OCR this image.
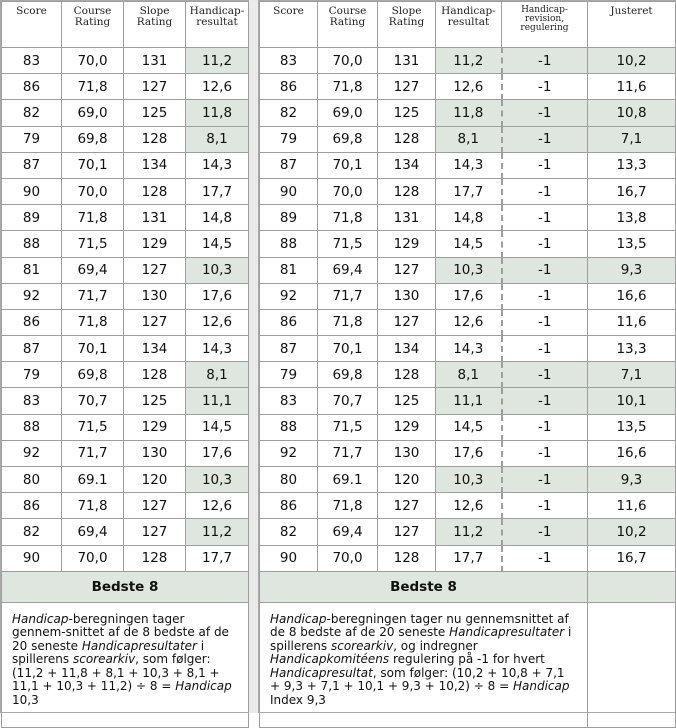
Score	Course Rating	Slope Rating	Handicap-resultat
83	70,0	131	11,2
86	71,8	127	12,6
82	69,0	125	11,8
79	69,8	128	8,1
87	70,1	134	14,3
90	70,0	128	17,7
89	71,8	131	14,8
88	71,5	129	14,5
81	69,4	127	10,3
92	71,7	130	17,6
86	71,8	127	12,6
87	70,1	134	14,3
79	69,8	128	8,1
83	70,7	125	11,1
88	71,5	129	14,5
92	71,7	130	17,6
80	69.1	120	10,3
86	71,8	127	12,6
82	69,4	127	11,2
90	70,0	128	17,7
Bedste 8			

Handicap-beregningen tager gennem-snittet af de 8 bedste af de 20 seneste Handicapresultater i spillerens scorearkiv, som følger: (11,2 + 11,8 + 8,1 + 10,3 + 8,1 + 11,1 + 10,3 + 11,2) ÷ 8 = Handicap 10,3			
Score	Course Rating	Slope Rating	Handicap-resultat	Handicap-revision, regulering	Justeret
83	70,0	131	11,2	-1	10,2
86	71,8	127	12,6	-1	11,6
82	69,0	125	11,8	-1	10,8
79	69,8	128	8,1	-1	7,1
87	70,1	134	14,3	-1	13,3
90	70,0	128	17,7	-1	16,7
89	71,8	131	14,8	-1	13,8
88	71,5	129	14,5	-1	13,5
81	69,4	127	10,3	-1	9,3
92	71,7	130	17,6	-1	16,6
86	71,8	127	12,6	-1	11,6
87	70,1	134	14,3	-1	13,3
79	69,8	128	8,1	-1	7,1
83	70,7	125	11,1	-1	10,1
88	71,5	129	14,5	-1	13,5
92	71,7	130	17,6	-1	16,6
80	69.1	120	10,3	-1	9,3
86	71,8	127	12,6	-1	11,6
82	69,4	127	11,2	-1	10,2
90	70,0	128	17,7	-1	16,7
Bedste 8					

Handicap-beregningen tager nu gennemsnittet af de 8 bedste af de 20 seneste Handicapresultater i spillerens scorearkiv, og indregner Handicapkomitéens regulering på -1 for hvert Handicapresultat, som følger: (10,2 + 10,8 + 7,1 + 9,3 + 7,1 + 10,1 + 9,3 + 10,2) ÷ 8 = Handicap Index 9,3					
